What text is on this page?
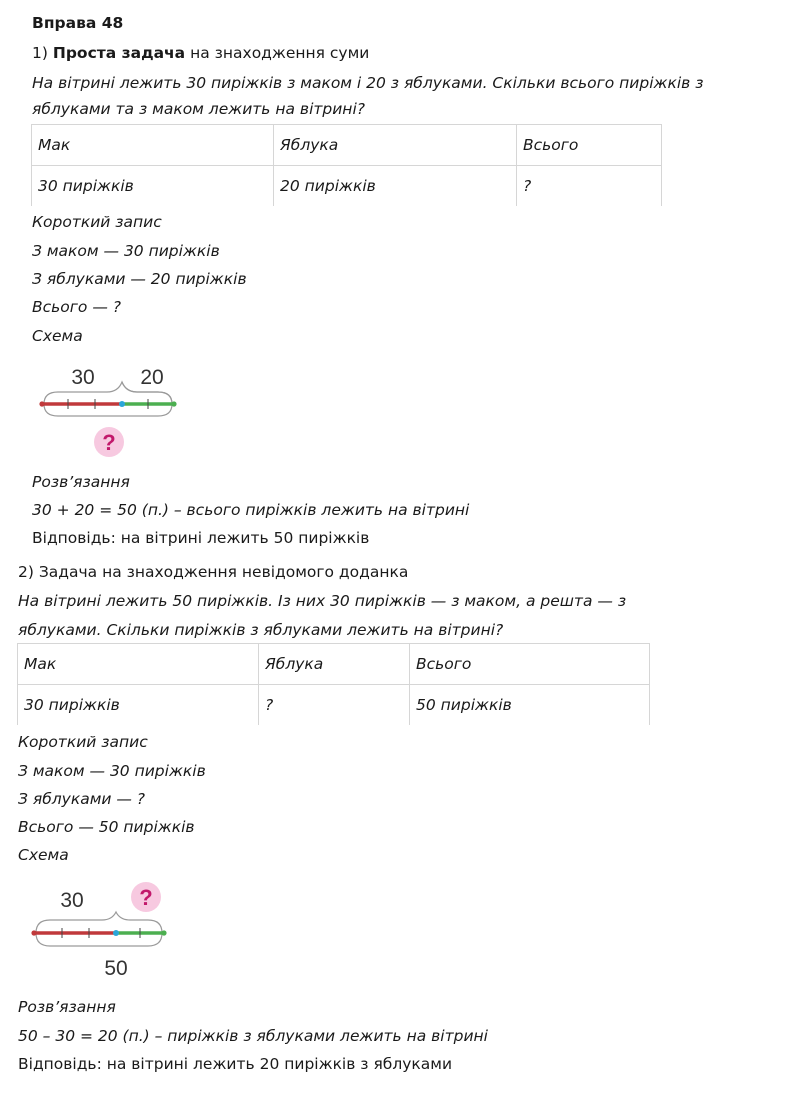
Вправа 48
1) Проста задача на знаходження суми
На вітрині лежить 30 пиріжків з маком і 20 з яблуками. Скільки всього пиріжків з
яблуками та з маком лежить на вітрині?
Мак	Яблука	Всього
30 пиріжків	20 пиріжків	?
Короткий запис
З маком — 30 пиріжків
З яблуками — 20 пиріжків
Всього — ?
Схема
30 20
?
Розв’язання
30 + 20 = 50 (п.) – всього пиріжків лежить на вітрині
Відповідь: на вітрині лежить 50 пиріжків
2) Задача на знаходження невідомого доданка
На вітрині лежить 50 пиріжків. Із них 30 пиріжків — з маком, а решта — з
яблуками. Скільки пиріжків з яблуками лежить на вітрині?
Мак	Яблука	Всього
30 пиріжків	?	50 пиріжків
Короткий запис
З маком — 30 пиріжків
З яблуками — ?
Всього — 50 пиріжків
Схема
?
30
50
Розв’язання
50 – 30 = 20 (п.) – пиріжків з яблуками лежить на вітрині
Відповідь: на вітрині лежить 20 пиріжків з яблуками
